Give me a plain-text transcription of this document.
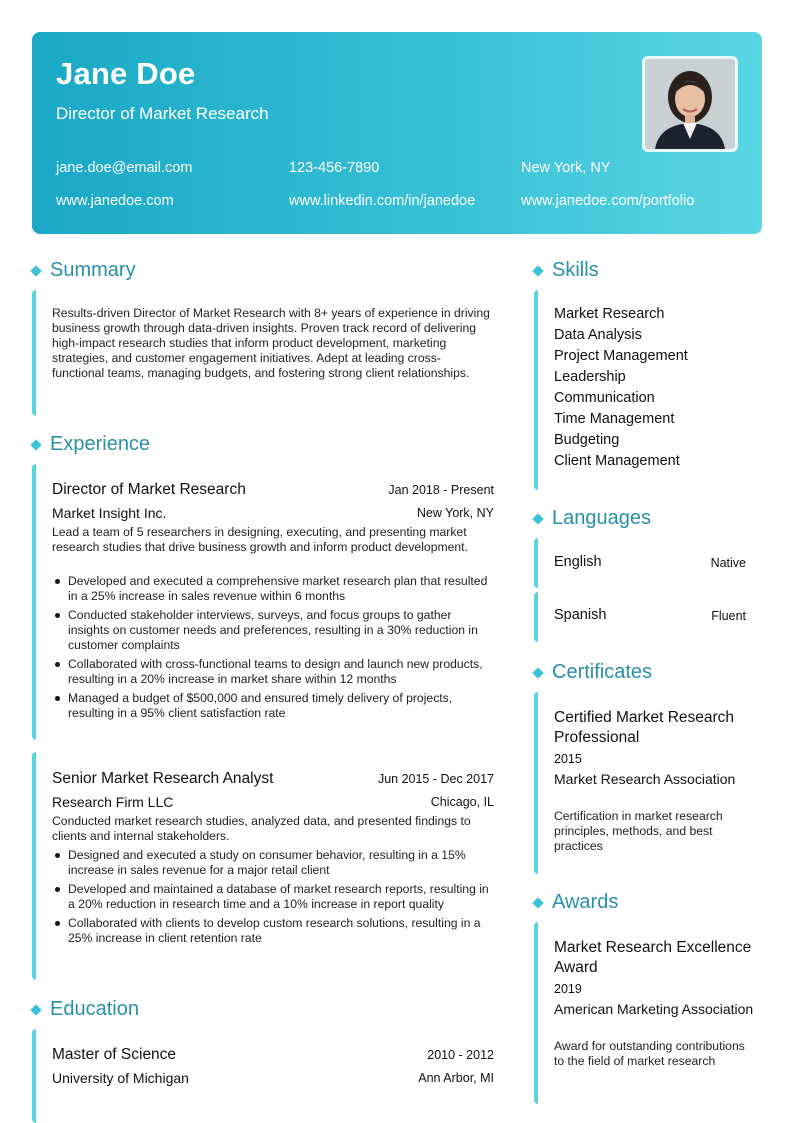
Jane Doe
Director of Market Research
jane.doe@email.com	123-456-7890	New York, NY
www.janedoe.com	www.linkedin.com/in/janedoe	www.janedoe.com/portfolio
Summary
Results-driven Director of Market Research with 8+ years of experience in driving business growth through data-driven insights. Proven track record of delivering high-impact research studies that inform product development, marketing strategies, and customer engagement initiatives. Adept at leading cross-functional teams, managing budgets, and fostering strong client relationships.
Experience
Director of Market Research	Jan 2018 - Present
Market Insight Inc.	New York, NY
Lead a team of 5 researchers in designing, executing, and presenting market research studies that drive business growth and inform product development.
Developed and executed a comprehensive market research plan that resulted in a 25% increase in sales revenue within 6 months
Conducted stakeholder interviews, surveys, and focus groups to gather insights on customer needs and preferences, resulting in a 30% reduction in customer complaints
Collaborated with cross-functional teams to design and launch new products, resulting in a 20% increase in market share within 12 months
Managed a budget of $500,000 and ensured timely delivery of projects, resulting in a 95% client satisfaction rate
Senior Market Research Analyst	Jun 2015 - Dec 2017
Research Firm LLC	Chicago, IL
Conducted market research studies, analyzed data, and presented findings to clients and internal stakeholders.
Designed and executed a study on consumer behavior, resulting in a 15% increase in sales revenue for a major retail client
Developed and maintained a database of market research reports, resulting in a 20% reduction in research time and a 10% increase in report quality
Collaborated with clients to develop custom research solutions, resulting in a 25% increase in client retention rate
Education
Master of Science	2010 - 2012
University of Michigan	Ann Arbor, MI
Skills
Market Research
Data Analysis
Project Management
Leadership
Communication
Time Management
Budgeting
Client Management
Languages
English	Native
Spanish	Fluent
Certificates
Certified Market Research Professional
2015
Market Research Association
Certification in market research principles, methods, and best practices
Awards
Market Research Excellence Award
2019
American Marketing Association
Award for outstanding contributions to the field of market research
